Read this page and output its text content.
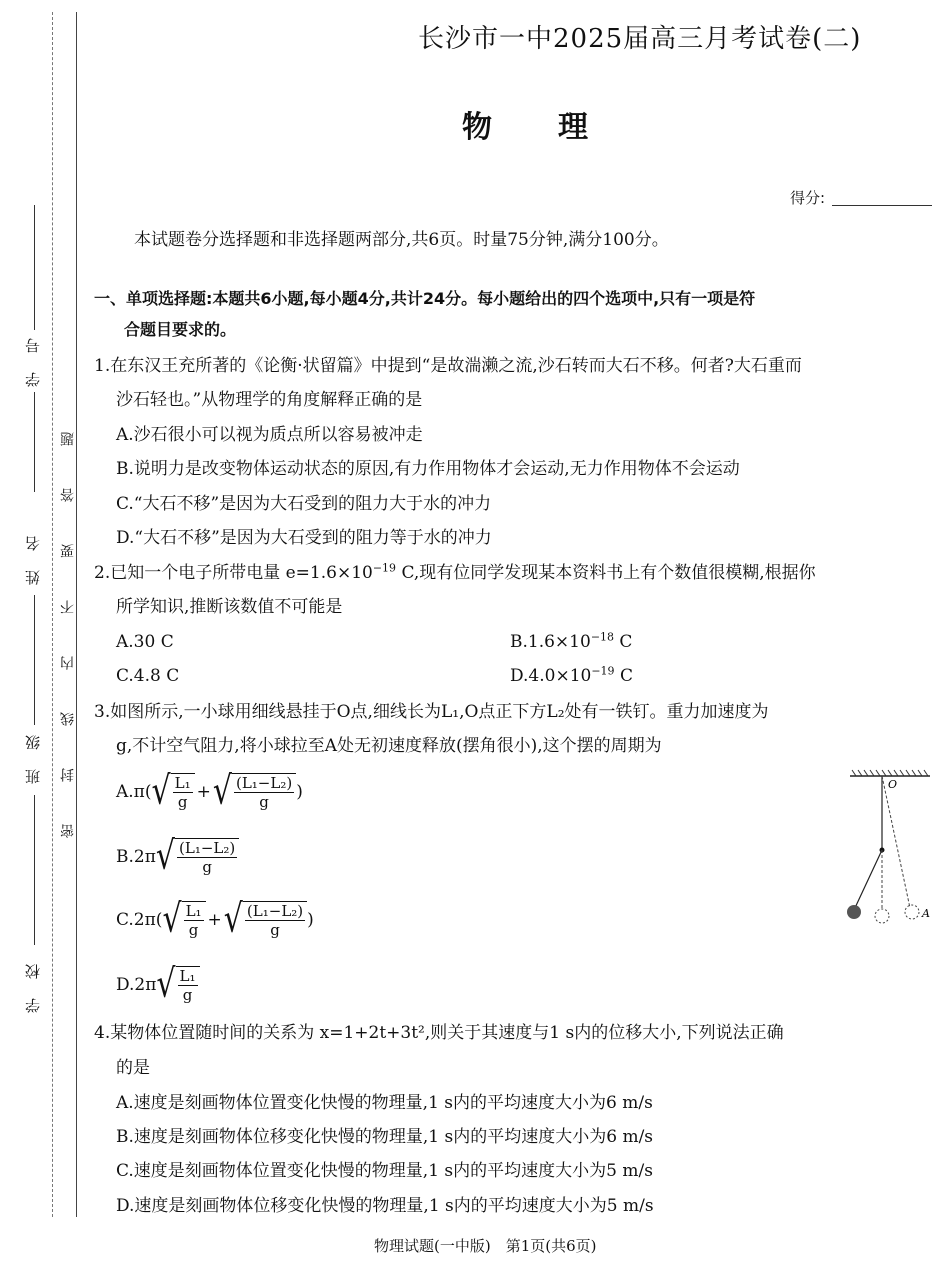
学　号
姓　名
班　级
学　校
密　封　线　内　不　要　答　题
长沙市一中2025届高三月考试卷(二)
物　理
得分:
本试题卷分选择题和非选择题两部分,共6页。时量75分钟,满分100分。
一、单项选择题:本题共6小题,每小题4分,共计24分。每小题给出的四个选项中,只有一项是符
合题目要求的。
1.在东汉王充所著的《论衡·状留篇》中提到“是故湍濑之流,沙石转而大石不移。何者?大石重而
沙石轻也。”从物理学的角度解释正确的是
A.沙石很小可以视为质点所以容易被冲走
B.说明力是改变物体运动状态的原因,有力作用物体才会运动,无力作用物体不会运动
C.“大石不移”是因为大石受到的阻力大于水的冲力
D.“大石不移”是因为大石受到的阻力等于水的冲力
2.已知一个电子所带电量 $e=1.6\times 10^{-19}$ C,现有位同学发现某本资料书上有个数值很模糊,根据你
所学知识,推断该数值不可能是
A.30 C	$B.1.6\times 10^{-18}$ C
C.4.8 C	$D.4.0\times 10^{-19}$ C
3.如图所示,一小球用细线悬挂于O点,细线长为L₁,O点正下方L₂处有一铁钉。重力加速度为
g,不计空气阻力,将小球拉至A处无初速度释放(摆角很小),这个摆的周期为
A.π( √ $\frac{\text{L₁}}{g}$ + √ $\frac{\text{(L₁−L₂)}}{g}$ )
B.2π √ $\frac{\text{(L₁−L₂)}}{g}$
C.2π( √ $\frac{\text{L₁}}{g}$ + √ $\frac{\text{(L₁−L₂)}}{g}$ )
D.2π √ $\frac{\text{L₁}}{g}$
O
A
4.某物体位置随时间的关系为 x=1+2t+3t²,则关于其速度与1 s内的位移大小,下列说法正确
的是
A.速度是刻画物体位置变化快慢的物理量,1 s内的平均速度大小为6 m/s
B.速度是刻画物体位移变化快慢的物理量,1 s内的平均速度大小为6 m/s
C.速度是刻画物体位置变化快慢的物理量,1 s内的平均速度大小为5 m/s
D.速度是刻画物体位移变化快慢的物理量,1 s内的平均速度大小为5 m/s
物理试题(一中版)　第1页(共6页)
